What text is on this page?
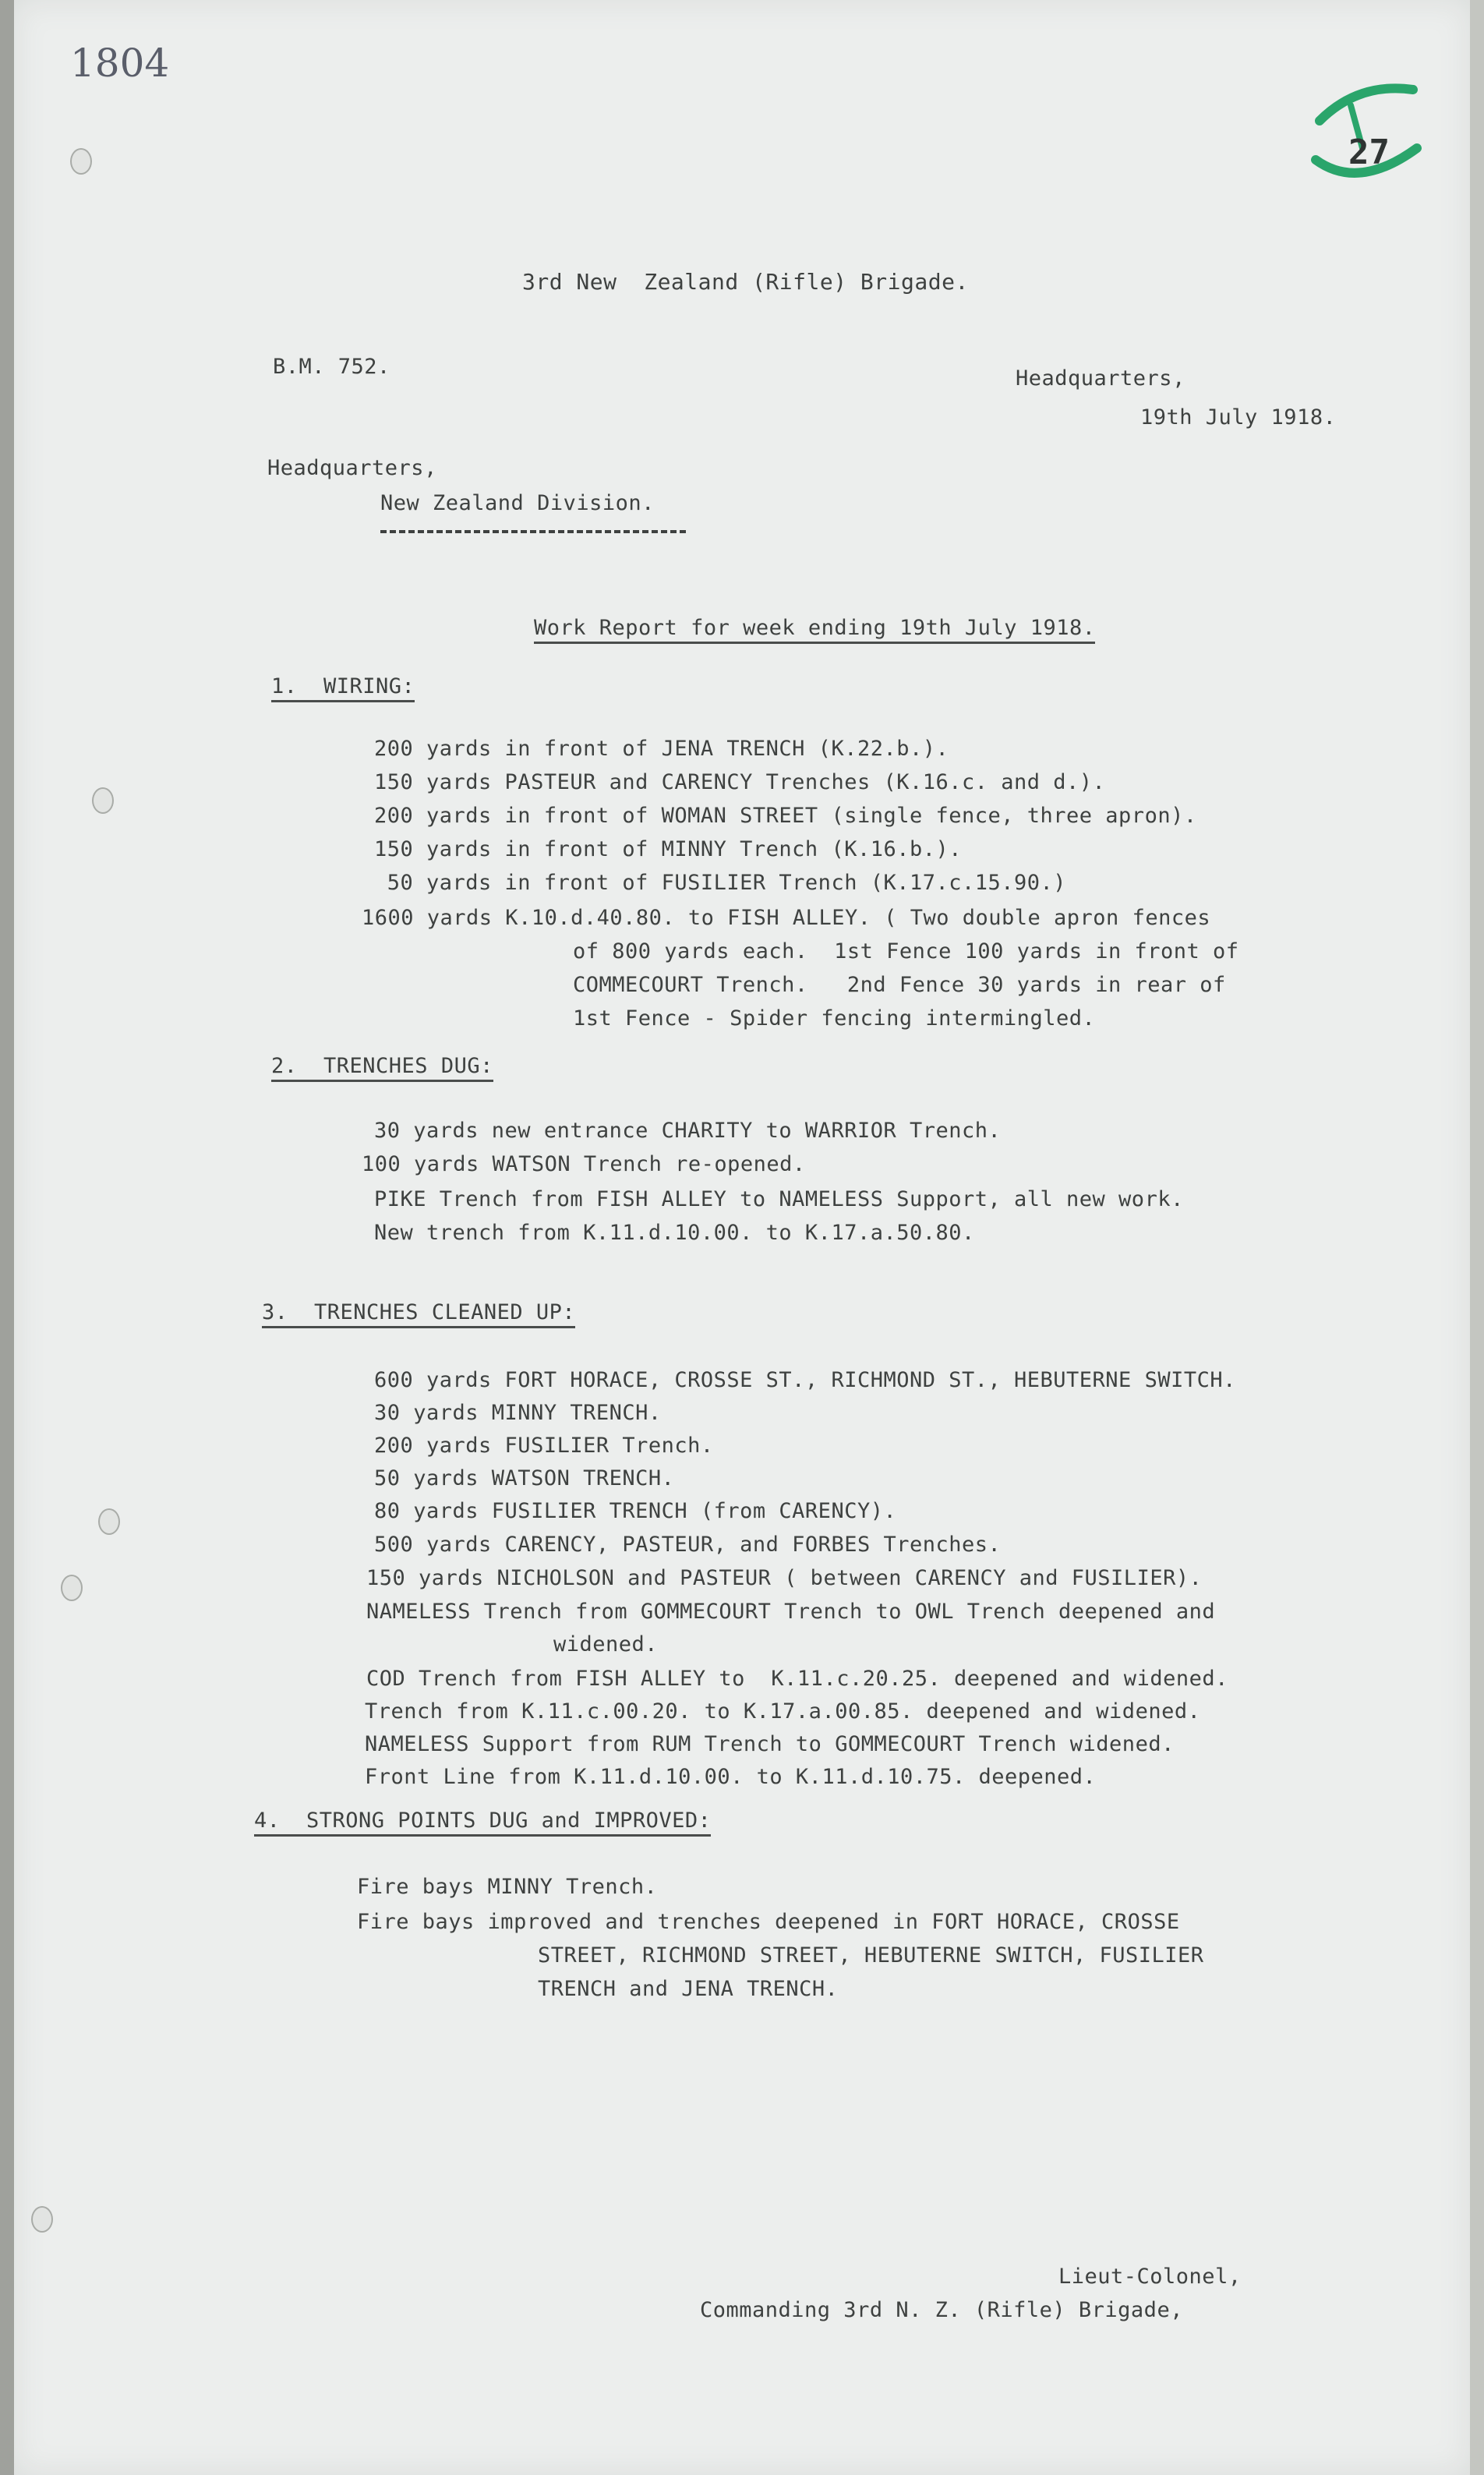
1804
27
3rd New  Zealand (Rifle) Brigade.
B.M. 752.	Headquarters,
19th July 1918.
Headquarters,
New Zealand Division.
Work Report for week ending 19th July 1918.
1.  WIRING:
200 yards in front of JENA TRENCH (K.22.b.).
150 yards PASTEUR and CARENCY Trenches (K.16.c. and d.).
200 yards in front of WOMAN STREET (single fence, three apron).
150 yards in front of MINNY Trench (K.16.b.).
50 yards in front of FUSILIER Trench (K.17.c.15.90.)
1600 yards K.10.d.40.80. to FISH ALLEY. ( Two double apron fences
of 800 yards each.  1st Fence 100 yards in front of
COMMECOURT Trench.   2nd Fence 30 yards in rear of
1st Fence - Spider fencing intermingled.
2.  TRENCHES DUG:
30 yards new entrance CHARITY to WARRIOR Trench.
100 yards WATSON Trench re-opened.
PIKE Trench from FISH ALLEY to NAMELESS Support, all new work.
New trench from K.11.d.10.00. to K.17.a.50.80.
3.  TRENCHES CLEANED UP:
600 yards FORT HORACE, CROSSE ST., RICHMOND ST., HEBUTERNE SWITCH.
30 yards MINNY TRENCH.
200 yards FUSILIER Trench.
50 yards WATSON TRENCH.
80 yards FUSILIER TRENCH (from CARENCY).
500 yards CARENCY, PASTEUR, and FORBES Trenches.
150 yards NICHOLSON and PASTEUR ( between CARENCY and FUSILIER).
NAMELESS Trench from GOMMECOURT Trench to OWL Trench deepened and
widened.
COD Trench from FISH ALLEY to  K.11.c.20.25. deepened and widened.
Trench from K.11.c.00.20. to K.17.a.00.85. deepened and widened.
NAMELESS Support from RUM Trench to GOMMECOURT Trench widened.
Front Line from K.11.d.10.00. to K.11.d.10.75. deepened.
4.  STRONG POINTS DUG and IMPROVED:
Fire bays MINNY Trench.
Fire bays improved and trenches deepened in FORT HORACE, CROSSE
STREET, RICHMOND STREET, HEBUTERNE SWITCH, FUSILIER
TRENCH and JENA TRENCH.
Lieut-Colonel,
Commanding 3rd N. Z. (Rifle) Brigade,
